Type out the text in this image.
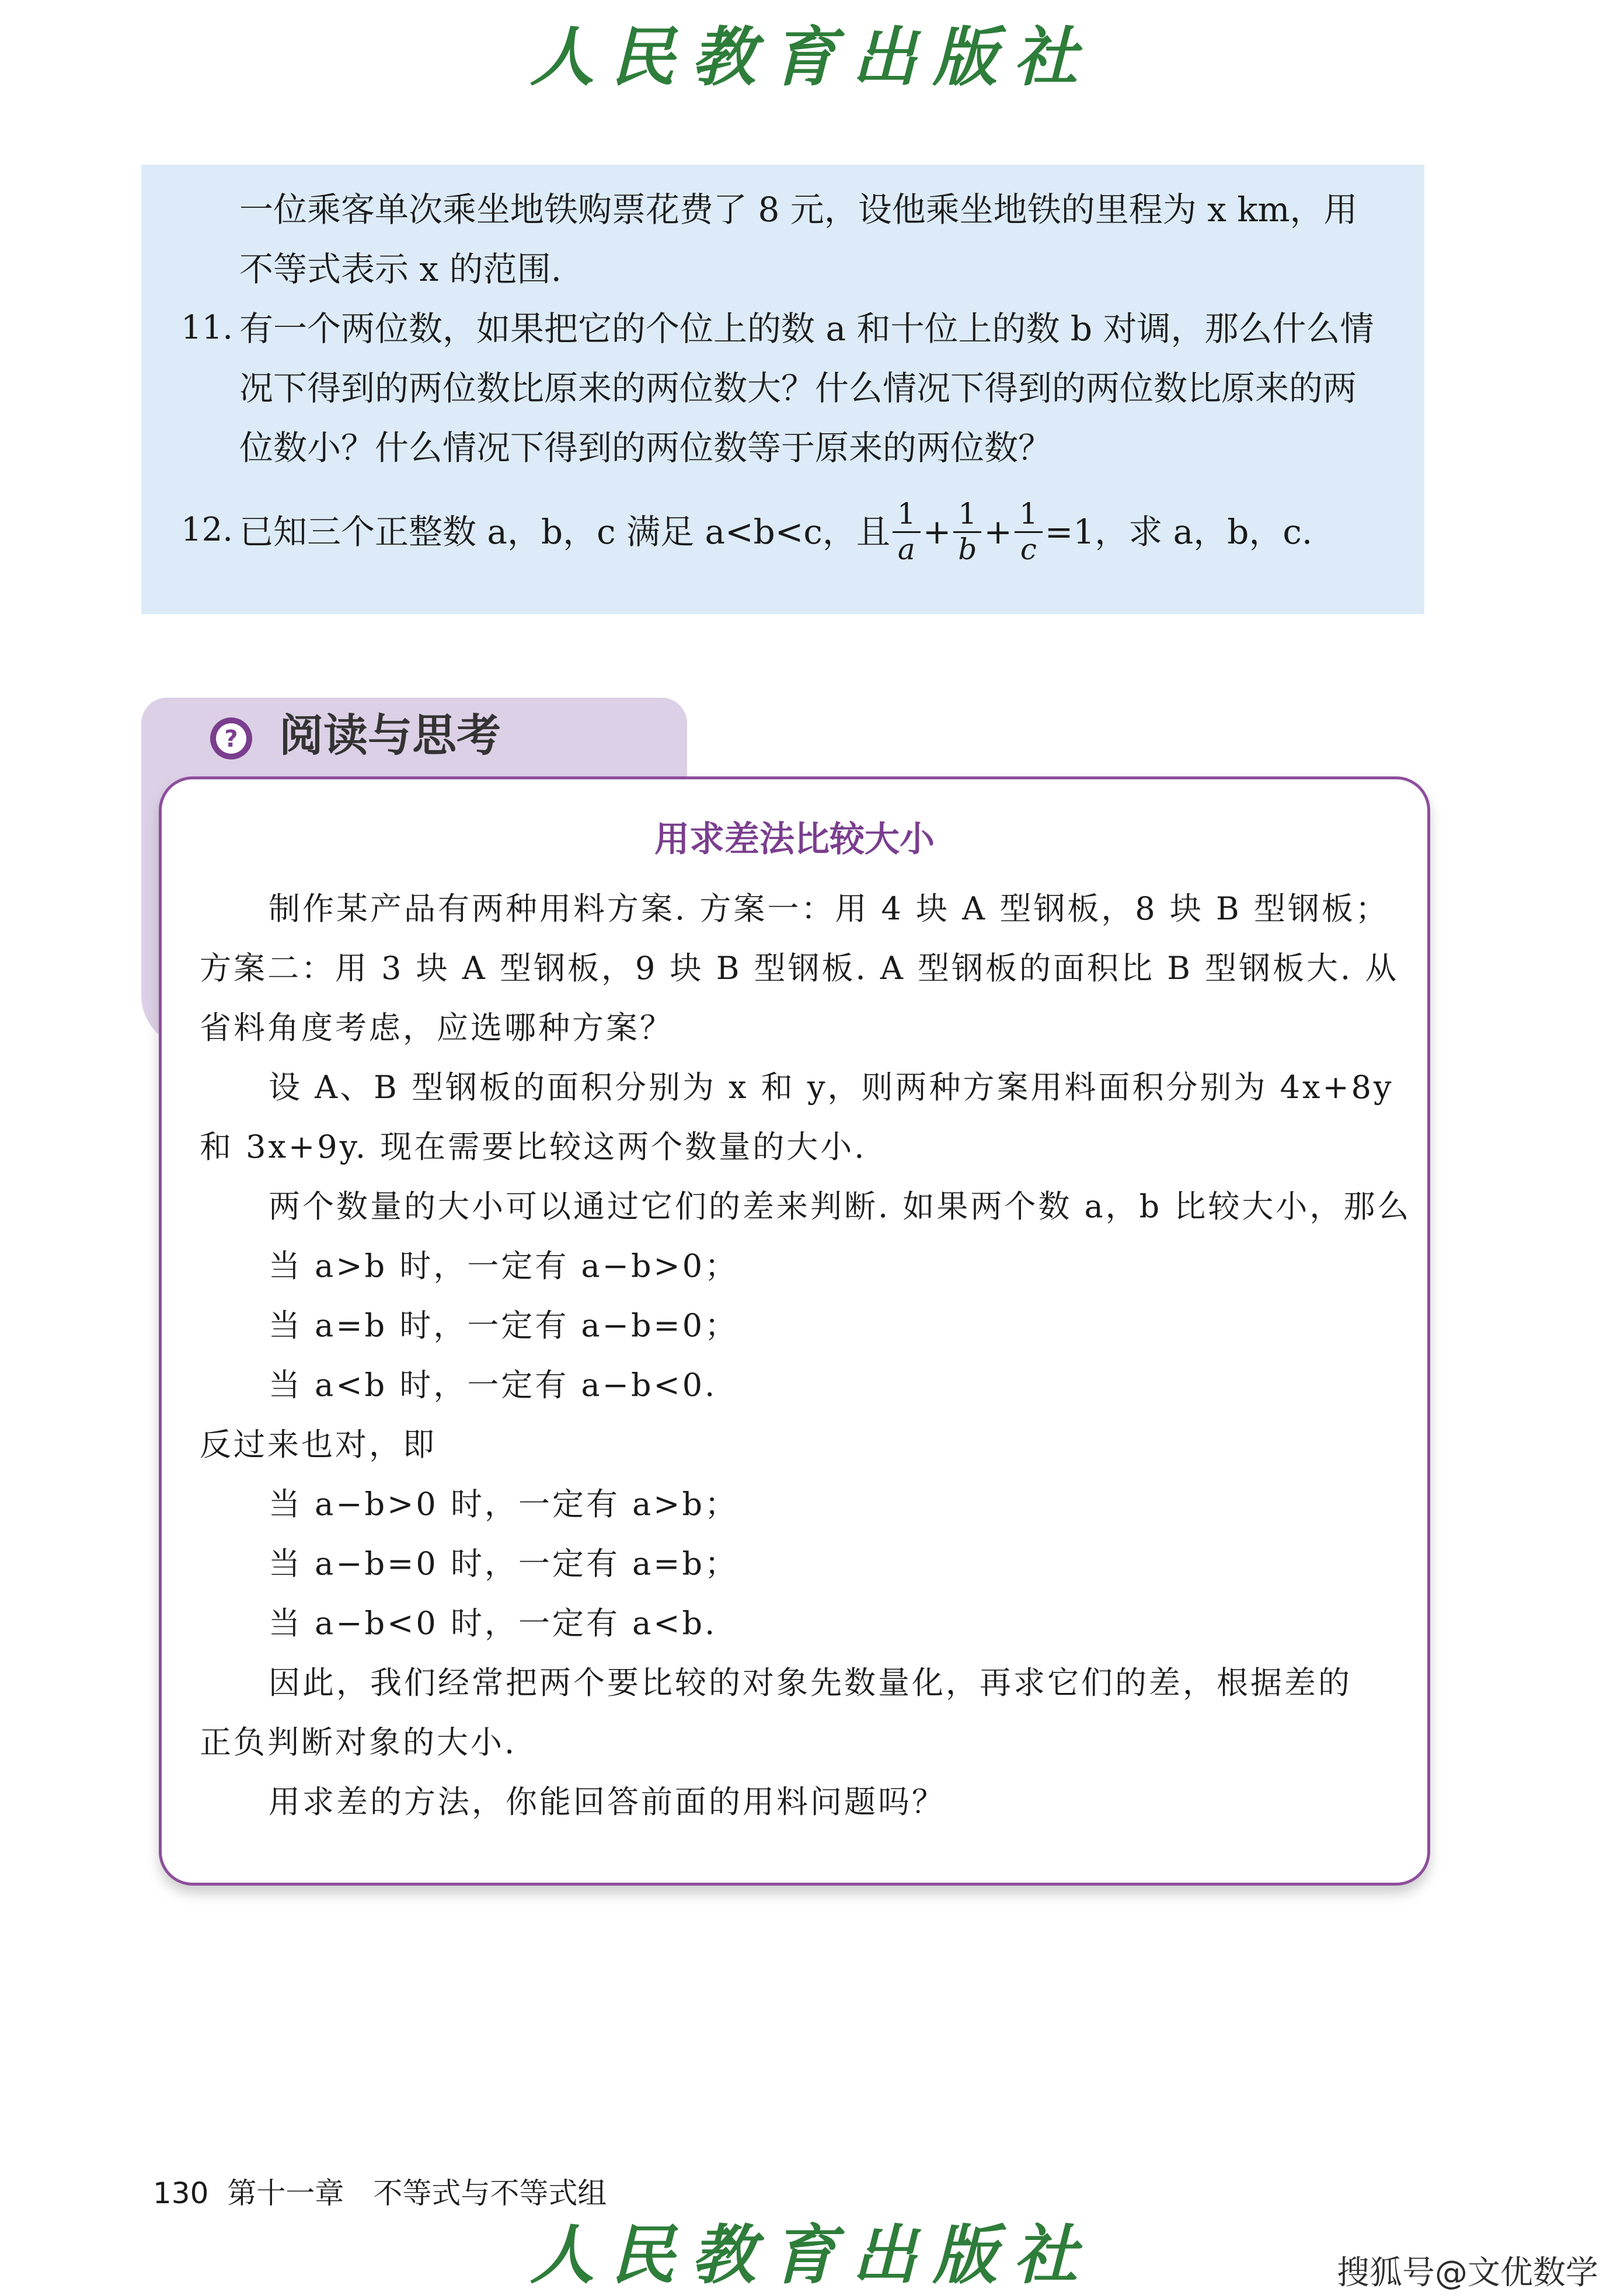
人民教育出版社
一位乘客单次乘坐地铁购票花费了 8 元，设他乘坐地铁的里程为 x km，用
不等式表示 x 的范围.
11. 有一个两位数，如果把它的个位上的数 a 和十位上的数 b 对调，那么什么情
况下得到的两位数比原来的两位数大？什么情况下得到的两位数比原来的两
位数小？什么情况下得到的两位数等于原来的两位数？
12. 已知三个正整数 a，b，c 满足 a<b<c，且 $\frac{1}{a} + \frac{1}{b} + \frac{1}{c} =1$，求 a，b，c.
? 阅读与思考
用求差法比较大小
制作某产品有两种用料方案. 方案一：用 4 块 A 型钢板，8 块 B 型钢板；
方案二：用 3 块 A 型钢板，9 块 B 型钢板. A 型钢板的面积比 B 型钢板大. 从
省料角度考虑，应选哪种方案？
设 A、B 型钢板的面积分别为 x 和 y，则两种方案用料面积分别为 4x+8y
和 3x+9y. 现在需要比较这两个数量的大小.
两个数量的大小可以通过它们的差来判断. 如果两个数 a，b 比较大小，那么
当 a>b 时，一定有 a−b>0；
当 a=b 时，一定有 a−b=0；
当 a<b 时，一定有 a−b<0.
反过来也对，即
当 a−b>0 时，一定有 a>b；
当 a−b=0 时，一定有 a=b；
当 a−b<0 时，一定有 a<b.
因此，我们经常把两个要比较的对象先数量化，再求它们的差，根据差的
正负判断对象的大小.
用求差的方法，你能回答前面的用料问题吗？
130 第十一章　不等式与不等式组
人民教育出版社	搜狐号@文优数学
